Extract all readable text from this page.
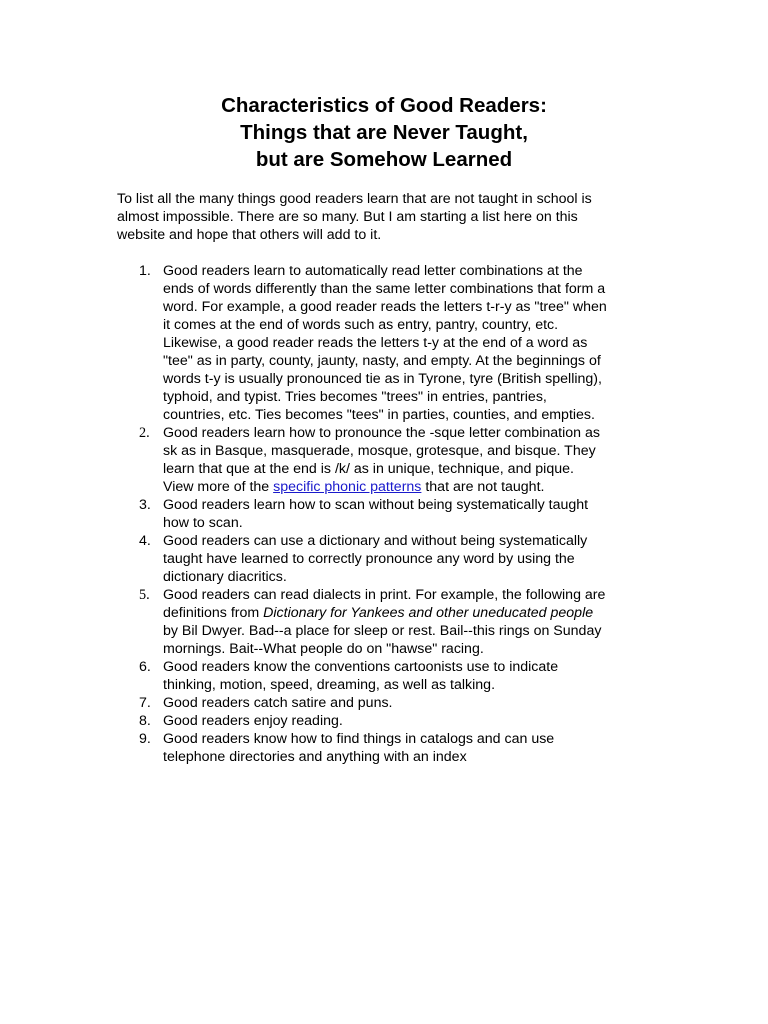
Characteristics of Good Readers:
Things that are Never Taught,
but are Somehow Learned

To list all the many things good readers learn that are not taught in school is
almost impossible. There are so many. But I am starting a list here on this
website and hope that others will add to it.

1. Good readers learn to automatically read letter combinations at the
ends of words differently than the same letter combinations that form a
word. For example, a good reader reads the letters t-r-y as "tree" when
it comes at the end of words such as entry, pantry, country, etc.
Likewise, a good reader reads the letters t-y at the end of a word as
"tee" as in party, county, jaunty, nasty, and empty. At the beginnings of
words t-y is usually pronounced tie as in Tyrone, tyre (British spelling),
typhoid, and typist. Tries becomes "trees" in entries, pantries,
countries, etc. Ties becomes "tees" in parties, counties, and empties.
2. Good readers learn how to pronounce the -sque letter combination as
sk as in Basque, masquerade, mosque, grotesque, and bisque. They
learn that que at the end is /k/ as in unique, technique, and pique.
View more of the specific phonic patterns that are not taught.
3. Good readers learn how to scan without being systematically taught
how to scan.
4. Good readers can use a dictionary and without being systematically
taught have learned to correctly pronounce any word by using the
dictionary diacritics.
5. Good readers can read dialects in print. For example, the following are
definitions from Dictionary for Yankees and other uneducated people
by Bil Dwyer. Bad--a place for sleep or rest. Bail--this rings on Sunday
mornings. Bait--What people do on "hawse" racing.
6. Good readers know the conventions cartoonists use to indicate
thinking, motion, speed, dreaming, as well as talking.
7. Good readers catch satire and puns.
8. Good readers enjoy reading.
9. Good readers know how to find things in catalogs and can use
telephone directories and anything with an index
